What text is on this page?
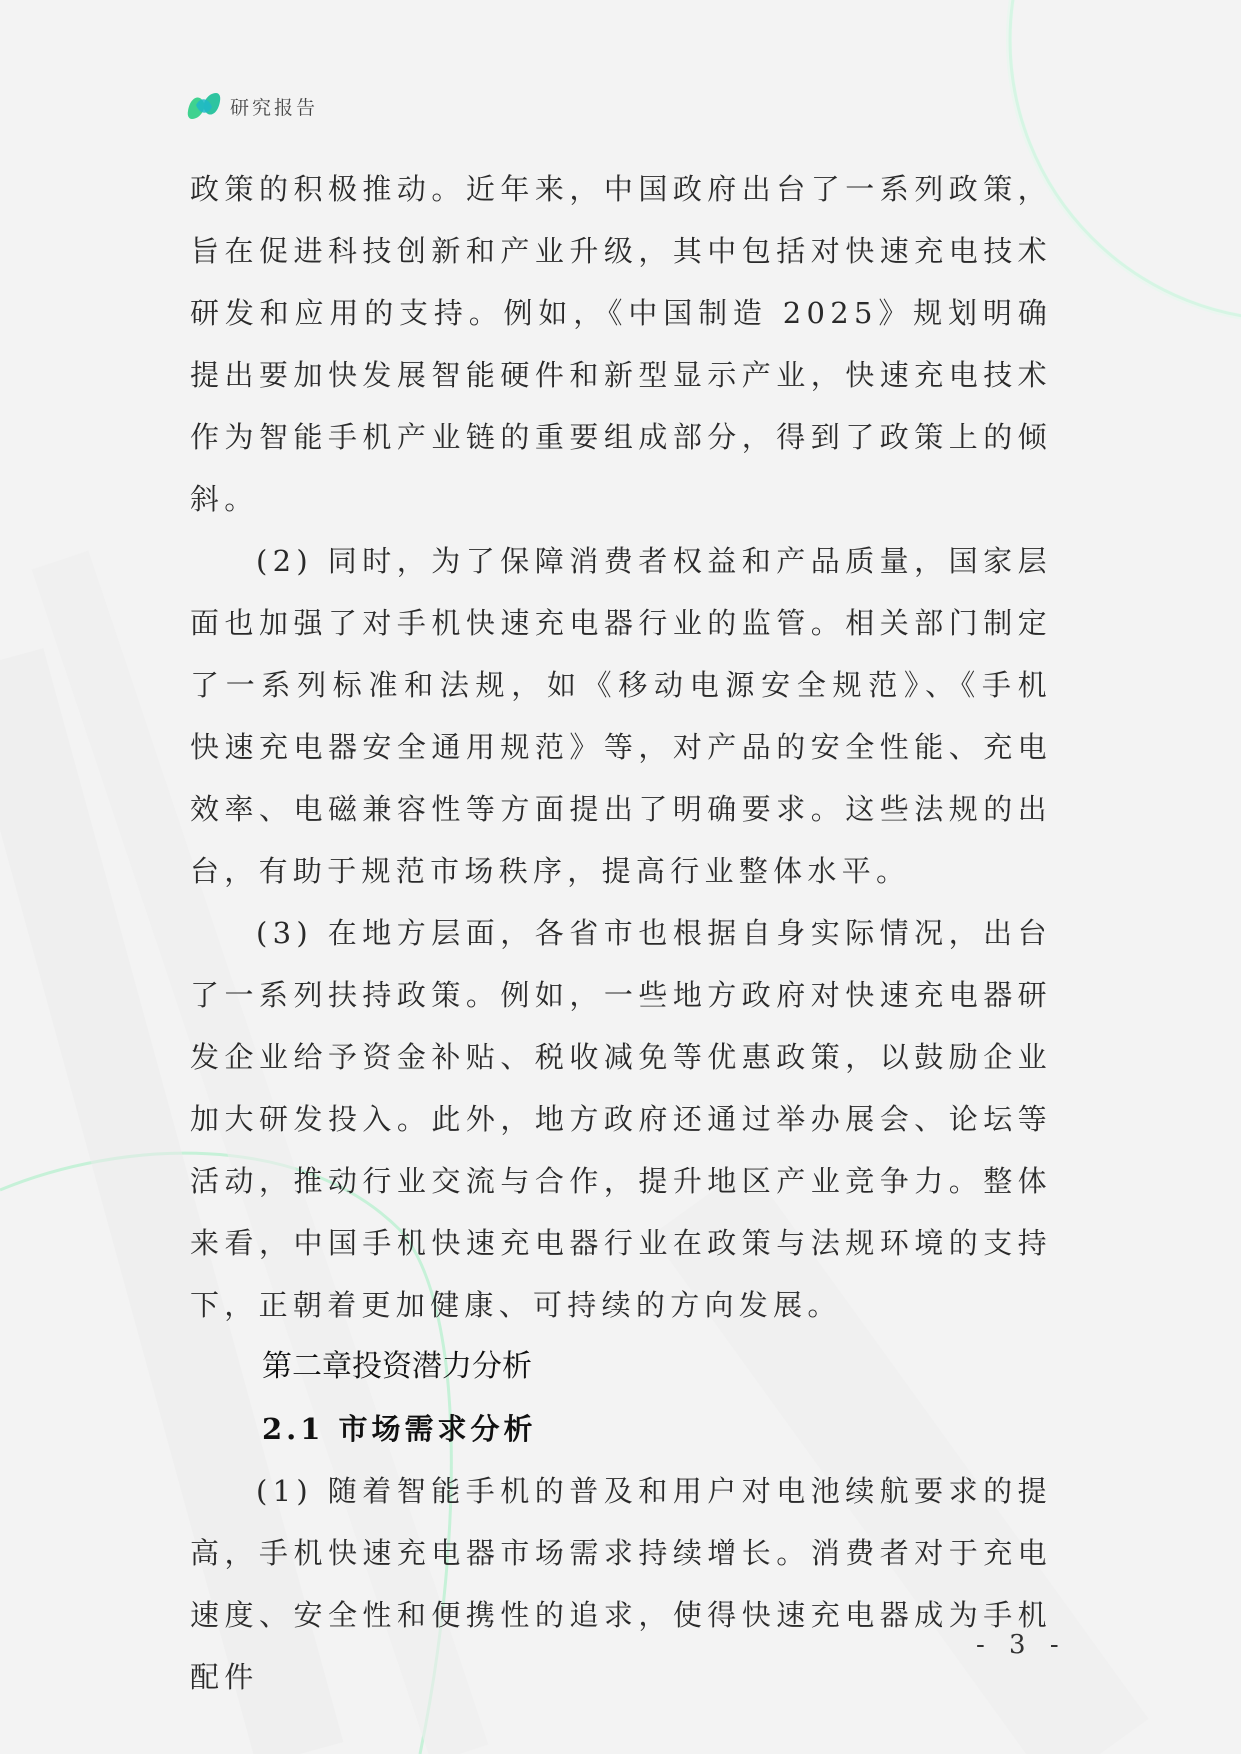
研究报告

政策的积极推动。近年来，中国政府出台了一系列政策，旨在促进科技创新和产业升级，其中包括对快速充电技术研发和应用的支持。例如，《中国制造 2025》规划明确提出要加快发展智能硬件和新型显示产业，快速充电技术作为智能手机产业链的重要组成部分，得到了政策上的倾斜。

(2) 同时，为了保障消费者权益和产品质量，国家层面也加强了对手机快速充电器行业的监管。相关部门制定了一系列标准和法规，如《移动电源安全规范》、《手机快速充电器安全通用规范》等，对产品的安全性能、充电效率、电磁兼容性等方面提出了明确要求。这些法规的出台，有助于规范市场秩序，提高行业整体水平。

(3) 在地方层面，各省市也根据自身实际情况，出台了一系列扶持政策。例如，一些地方政府对快速充电器研发企业给予资金补贴、税收减免等优惠政策，以鼓励企业加大研发投入。此外，地方政府还通过举办展会、论坛等活动，推动行业交流与合作，提升地区产业竞争力。整体来看，中国手机快速充电器行业在政策与法规环境的支持下，正朝着更加健康、可持续的方向发展。

第二章投资潜力分析
2.1 市场需求分析

(1) 随着智能手机的普及和用户对电池续航要求的提高，手机快速充电器市场需求持续增长。消费者对于充电速度、安全性和便携性的追求，使得快速充电器成为手机配件

- 3 -
